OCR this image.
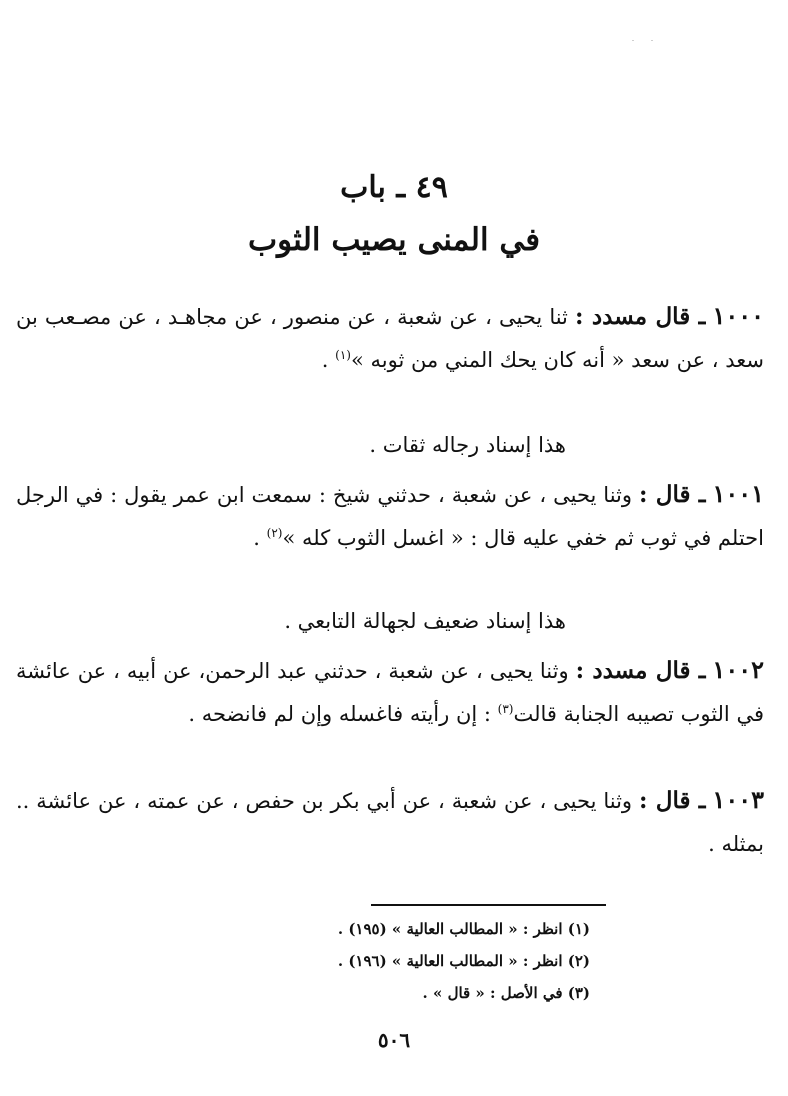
٤٩ ـ باب
في المنى يصيب الثوب
١٠٠٠ ـ قال مسدد : ثنا يحيى ، عن شعبة ، عن منصور ، عن مجاهـد ، عن مصـعب بن سعد ، عن سعد « أنه كان يحك المني من ثوبه »$^{(١)}$ .
هذا إسناد رجاله ثقات .
١٠٠١ ـ قال : وثنا يحيى ، عن شعبة ، حدثني شيخ : سمعت ابن عمر يقول : في الرجل احتلم في ثوب ثم خفي عليه قال : « اغسل الثوب كله »$^{(٢)}$ .
هذا إسناد ضعيف لجهالة التابعي .
١٠٠٢ ـ قال مسدد : وثنا يحيى ، عن شعبة ، حدثني عبد الرحمن، عن أبيه ، عن عائشة في الثوب تصيبه الجنابة قالت$^{(٣)}$ : إن رأيته فاغسله وإن لم فانضحه .
١٠٠٣ ـ قال : وثنا يحيى ، عن شعبة ، عن أبي بكر بن حفص ، عن عمته ، عن عائشة .. بمثله .
(١) انظر : « المطالب العالية » (١٩٥) .
(٢) انظر : « المطالب العالية » (١٩٦) .
(٣) في الأصل : « قال » .
٥٠٦
